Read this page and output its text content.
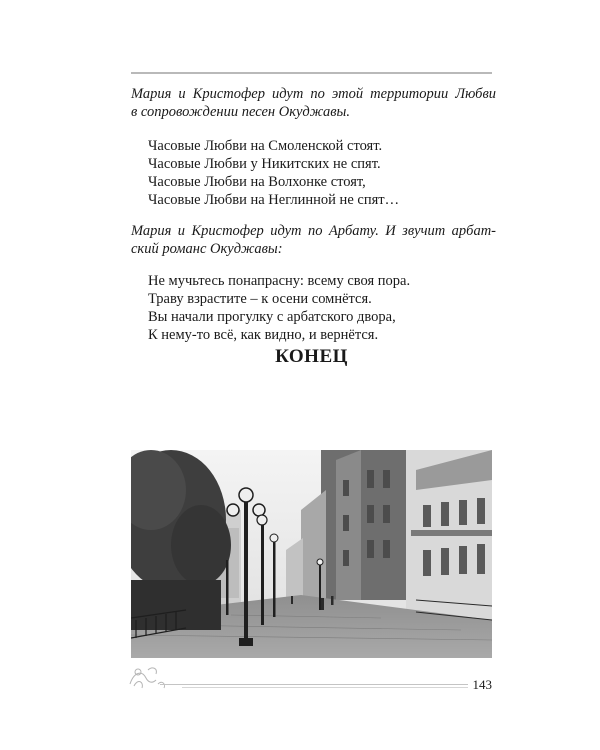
Мария и Кристофер идут по этой территории Любви
в сопровождении песен Окуджавы.
Часовые Любви на Смоленской стоят.
Часовые Любви у Никитских не спят.
Часовые Любви на Волхонке стоят,
Часовые Любви на Неглинной не спят…
Мария и Кристофер идут по Арбату. И звучит арбат-
ский романс Окуджавы:
Не мучьтесь понапрасну: всему своя пора.
Траву взрастите – к осени сомнётся.
Вы начали прогулку с арбатского двора,
К нему-то всё, как видно, и вернётся.
КОНЕЦ
143
